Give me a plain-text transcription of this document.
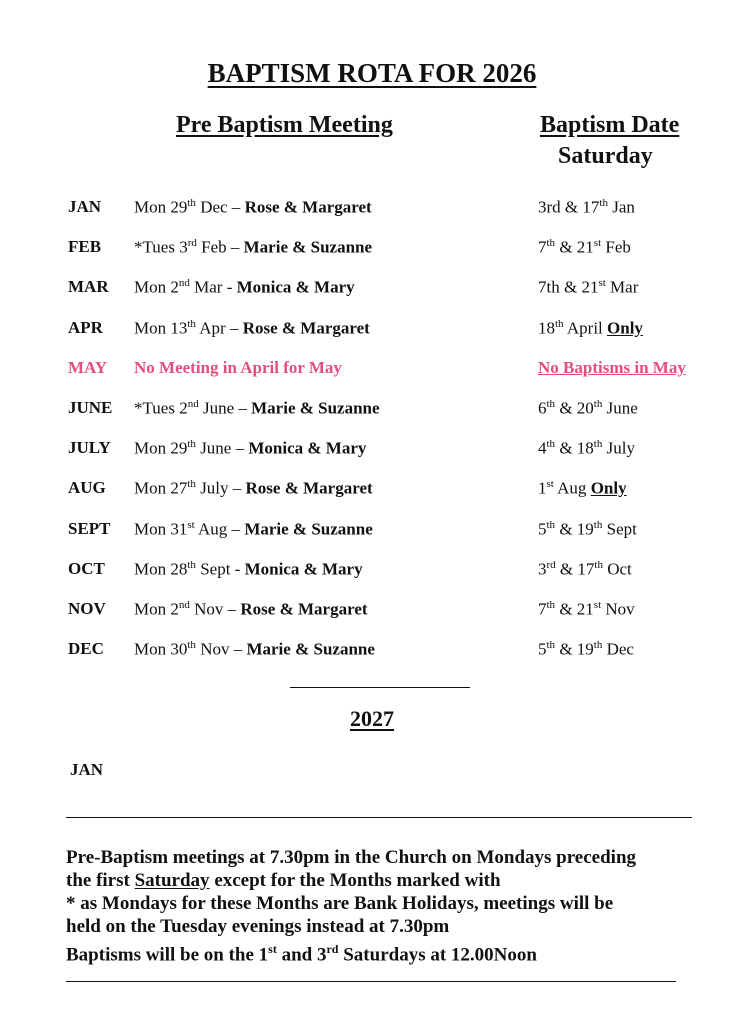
BAPTISM ROTA FOR 2026
Pre Baptism Meeting	Baptism Date
Saturday
JAN Mon 29th Dec – Rose & Margaret	3rd & 17th Jan
FEB *Tues 3rd Feb – Marie & Suzanne	7th & 21st Feb
MAR Mon 2nd Mar - Monica & Mary	7th & 21st Mar
APR Mon 13th Apr – Rose & Margaret	18th April Only
MAY No Meeting in April for May	No Baptisms in May
JUNE *Tues 2nd June – Marie & Suzanne	6th & 20th June
JULY Mon 29th June – Monica & Mary	4th & 18th July
AUG Mon 27th July – Rose & Margaret	1st Aug Only
SEPT Mon 31st Aug – Marie & Suzanne	5th & 19th Sept
OCT Mon 28th Sept - Monica & Mary	3rd & 17th Oct
NOV Mon 2nd Nov – Rose & Margaret	7th & 21st Nov
DEC Mon 30th Nov – Marie & Suzanne	5th & 19th Dec
2027
JAN
Pre-Baptism meetings at 7.30pm in the Church on Mondays preceding
the first Saturday except for the Months marked with
* as Mondays for these Months are Bank Holidays, meetings will be
held on the Tuesday evenings instead at 7.30pm
Baptisms will be on the 1st and 3rd Saturdays at 12.00Noon
